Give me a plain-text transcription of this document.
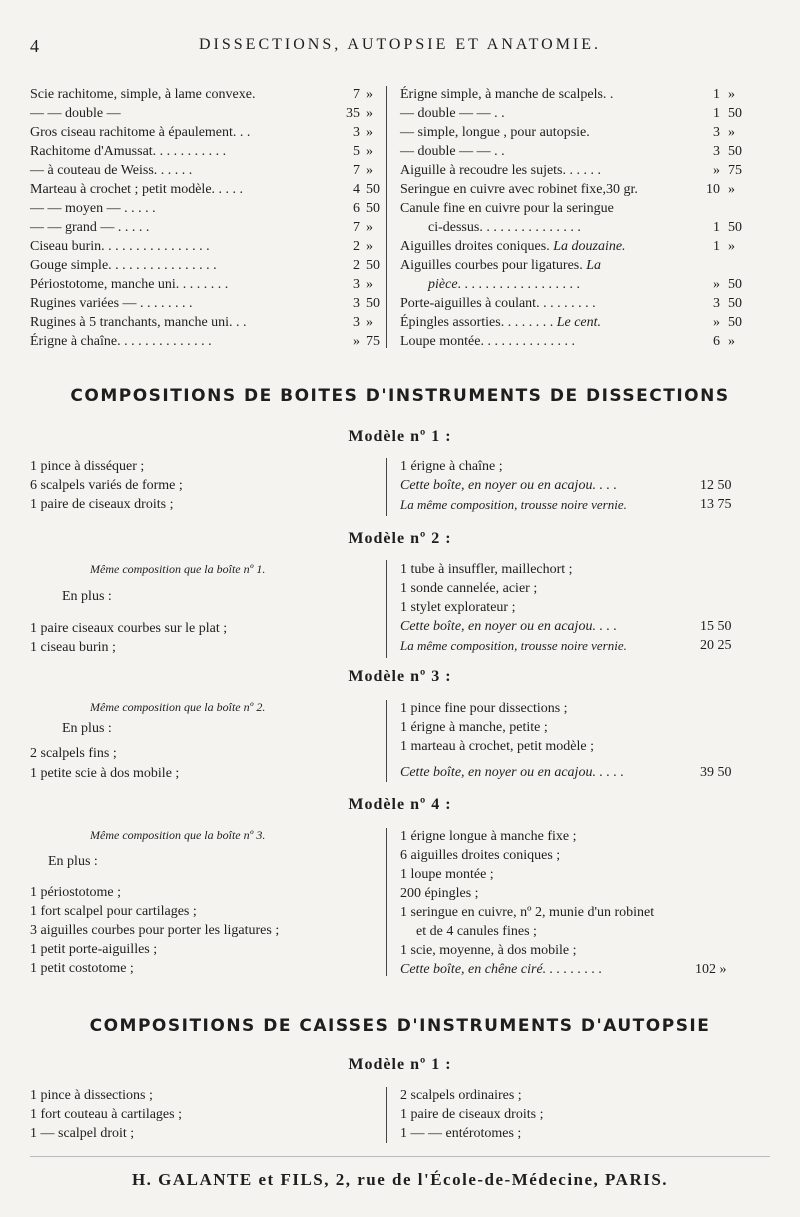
4	DISSECTIONS, AUTOPSIE ET ANATOMIE.
Scie rachitome, simple, à lame convexe.	7 »
— — double —	35 »
Gros ciseau rachitome à épaulement. . .	3 »
Rachitome d'Amussat. . . . . . . . . . .	5 »
— à couteau de Weiss. . . . . .	7 »
Marteau à crochet ; petit modèle. . . . .	4 50
— — moyen — . . . . .	6 50
— — grand — . . . . .	7 »
Ciseau burin. . . . . . . . . . . . . . . .	2 »
Gouge simple. . . . . . . . . . . . . . . .	2 50
Périostotome, manche uni. . . . . . . .	3 »
Rugines variées — . . . . . . . .	3 50
Rugines à 5 tranchants, manche uni. . .	3 »
Érigne à chaîne. . . . . . . . . . . . . .	» 75
Érigne simple, à manche de scalpels. .	1 »
— double — — . .	1 50
— simple, longue , pour autopsie.	3 »
— double — — . .	3 50
Aiguille à recoudre les sujets. . . . . .	» 75
Seringue en cuivre avec robinet fixe,30 gr.	10 »
Canule fine en cuivre pour la seringue
ci-dessus. . . . . . . . . . . . . . .	1 50
Aiguilles droites coniques. La douzaine.	1 »
Aiguilles courbes pour ligatures. La
pièce. . . . . . . . . . . . . . . . . .	» 50
Porte-aiguilles à coulant. . . . . . . . .	3 50
Épingles assorties. . . . . . . . Le cent.	» 50
Loupe montée. . . . . . . . . . . . . .	6 »
COMPOSITIONS DE BOITES D'INSTRUMENTS DE DISSECTIONS
Modèle nº 1 :
1 pince à disséquer ;
6 scalpels variés de forme ;
1 paire de ciseaux droits ;
1 érigne à chaîne ;
Cette boîte, en noyer ou en acajou. . . .	12 50
La même composition, trousse noire vernie.	13 75
Modèle nº 2 :
Même composition que la boîte nº 1.
En plus :
1 paire ciseaux courbes sur le plat ;
1 ciseau burin ;
1 tube à insuffler, maillechort ;
1 sonde cannelée, acier ;
1 stylet explorateur ;
Cette boîte, en noyer ou en acajou. . . .	15 50
La même composition, trousse noire vernie.	20 25
Modèle nº 3 :
Même composition que la boîte nº 2.
En plus :
2 scalpels fins ;
1 petite scie à dos mobile ;
1 pince fine pour dissections ;
1 érigne à manche, petite ;
1 marteau à crochet, petit modèle ;
Cette boîte, en noyer ou en acajou. . . . .	39 50
Modèle nº 4 :
Même composition que la boîte nº 3.
En plus :
1 périostotome ;
1 fort scalpel pour cartilages ;
3 aiguilles courbes pour porter les ligatures ;
1 petit porte-aiguilles ;
1 petit costotome ;
1 érigne longue à manche fixe ;
6 aiguilles droites coniques ;
1 loupe montée ;
200 épingles ;
1 seringue en cuivre, nº 2, munie d'un robinet
et de 4 canules fines ;
1 scie, moyenne, à dos mobile ;
Cette boîte, en chêne ciré. . . . . . . . .	102 »
COMPOSITIONS DE CAISSES D'INSTRUMENTS D'AUTOPSIE
Modèle nº 1 :
1 pince à dissections ;
1 fort couteau à cartilages ;
1 — scalpel droit ;
2 scalpels ordinaires ;
1 paire de ciseaux droits ;
1 — — entérotomes ;
H. GALANTE et FILS, 2, rue de l'École-de-Médecine, PARIS.
